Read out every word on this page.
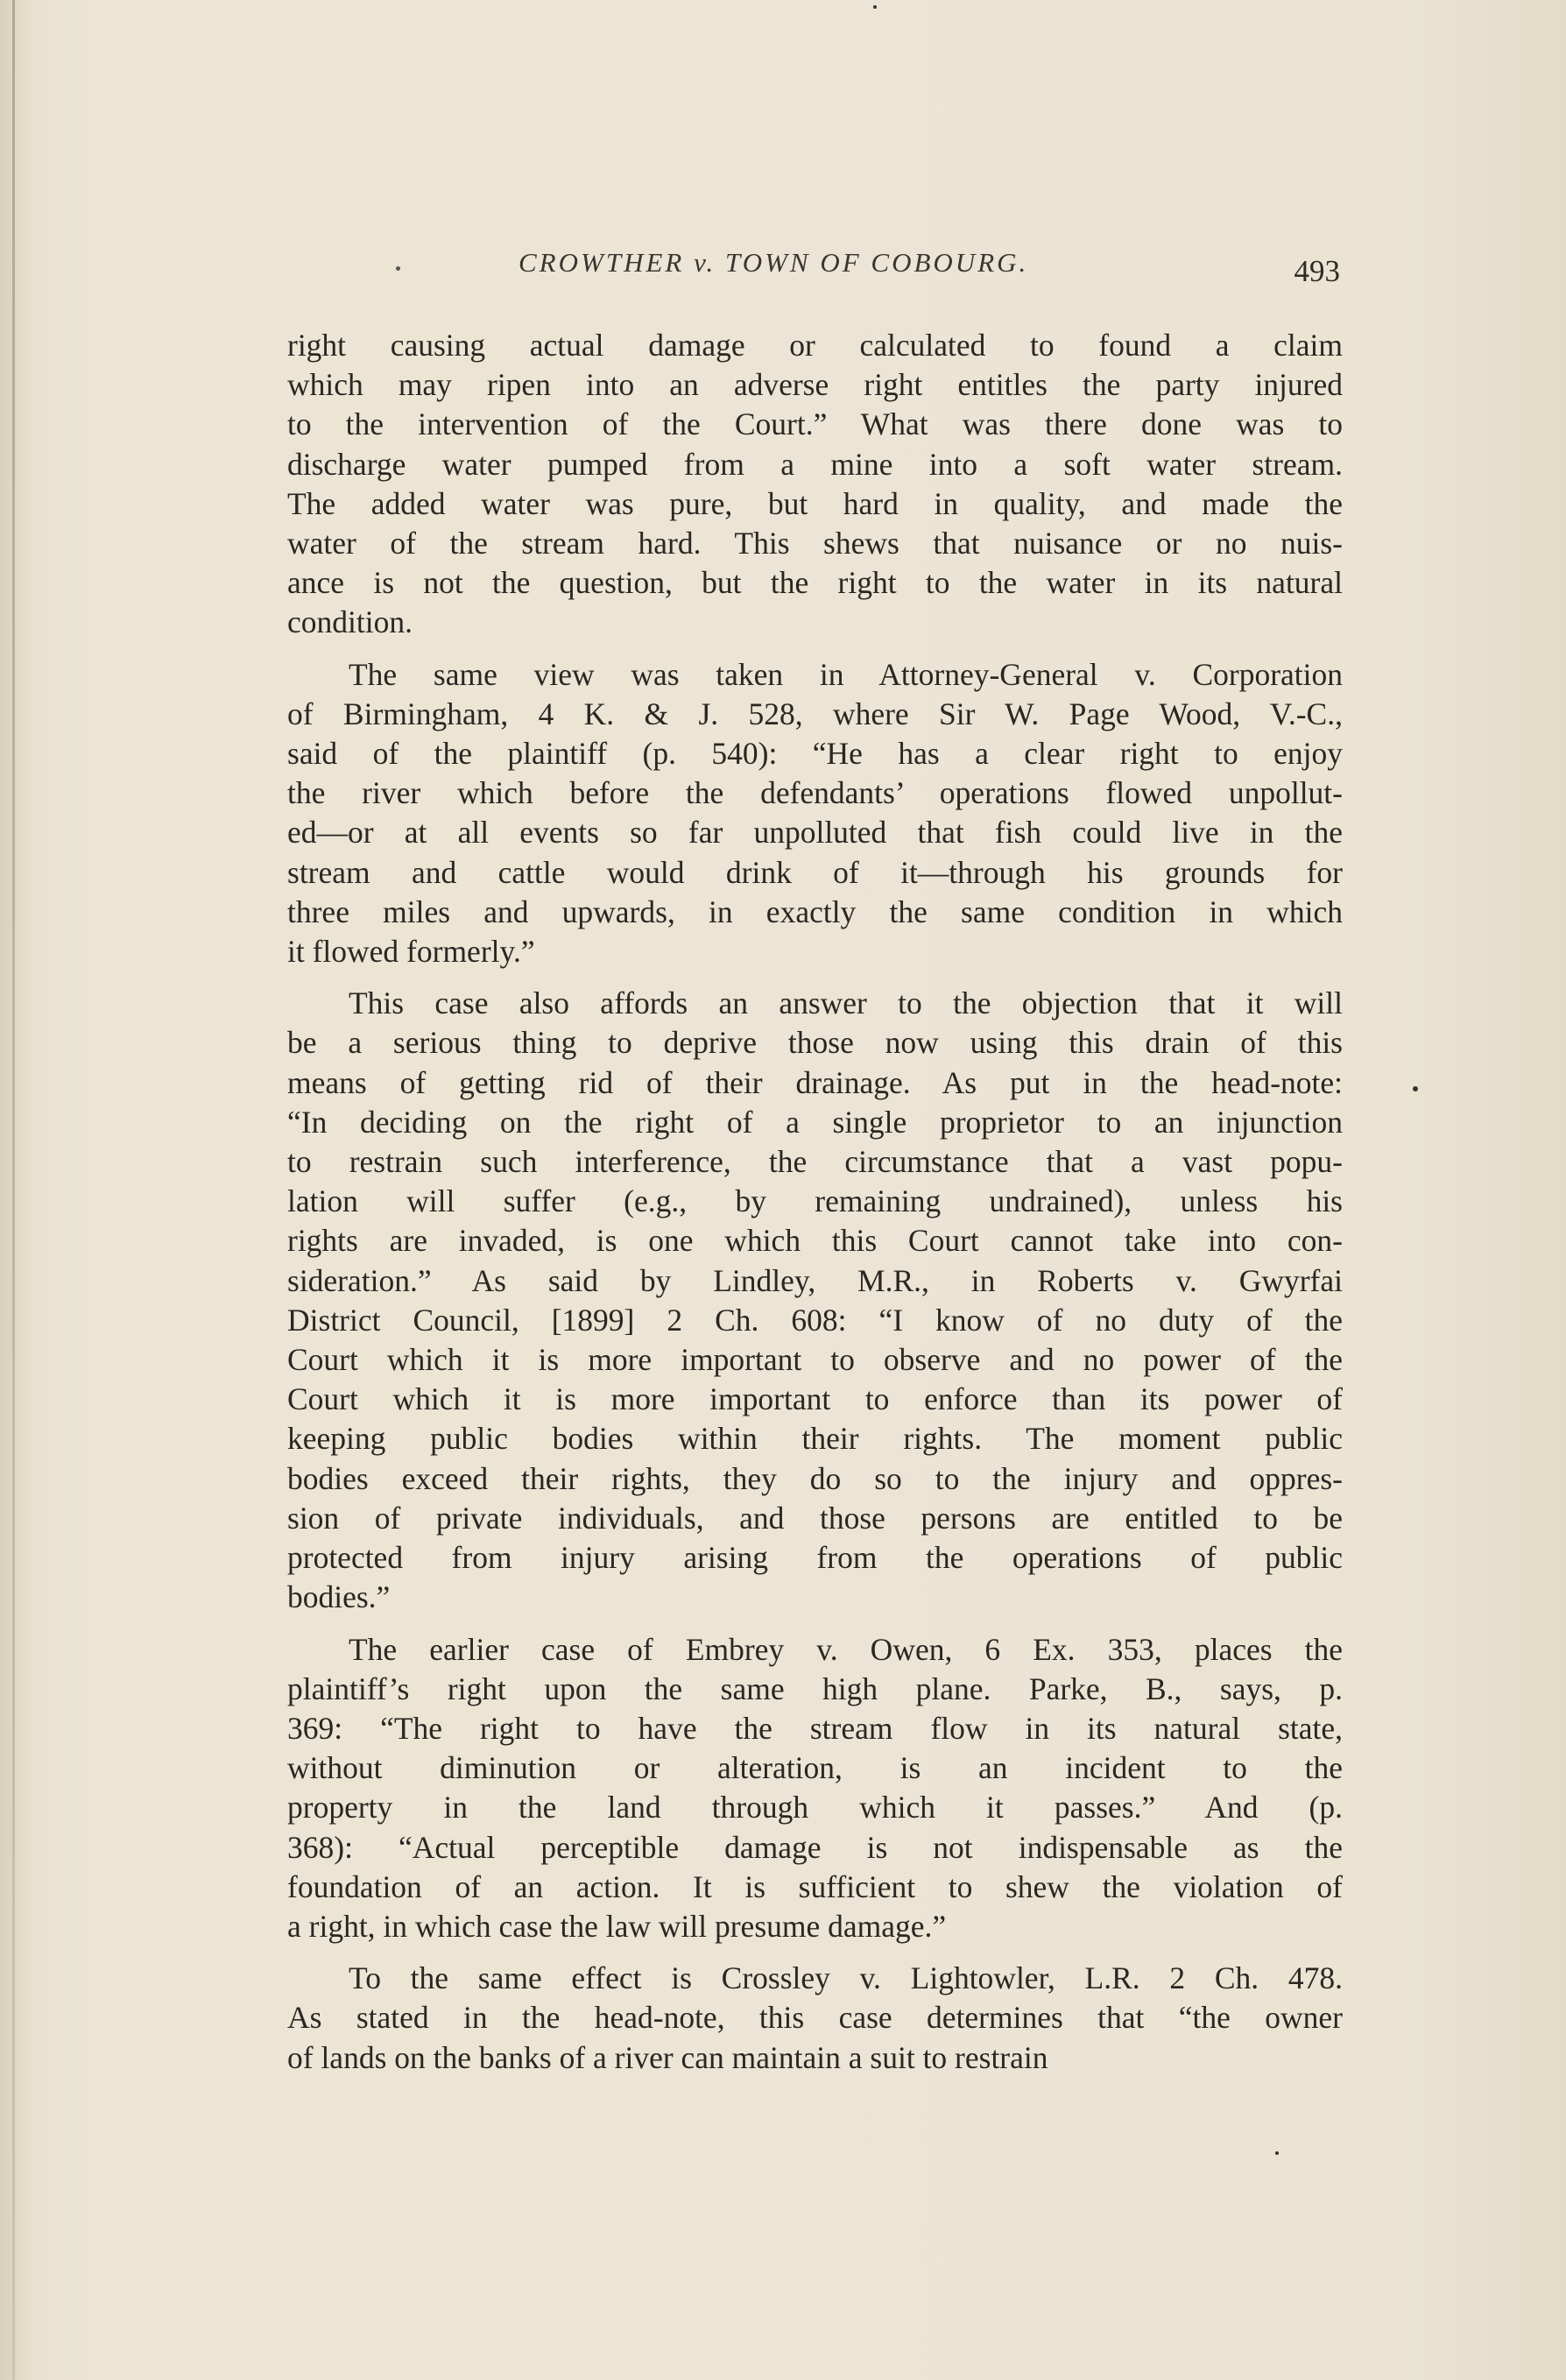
CROWTHER v. TOWN OF COBOURG.	493

right causing actual damage or calculated to found a claim
which may ripen into an adverse right entitles the party injured
to the intervention of the Court.” What was there done was to
discharge water pumped from a mine into a soft water stream.
The added water was pure, but hard in quality, and made the
water of the stream hard. This shews that nuisance or no nuis-
ance is not the question, but the right to the water in its natural
condition.

The same view was taken in Attorney-General v. Corporation
of Birmingham, 4 K. & J. 528, where Sir W. Page Wood, V.-C.,
said of the plaintiff (p. 540): “He has a clear right to enjoy
the river which before the defendants’ operations flowed unpollut-
ed—or at all events so far unpolluted that fish could live in the
stream and cattle would drink of it—through his grounds for
three miles and upwards, in exactly the same condition in which
it flowed formerly.”

This case also affords an answer to the objection that it will
be a serious thing to deprive those now using this drain of this
means of getting rid of their drainage. As put in the head-note:
“In deciding on the right of a single proprietor to an injunction
to restrain such interference, the circumstance that a vast popu-
lation will suffer (e.g., by remaining undrained), unless his
rights are invaded, is one which this Court cannot take into con-
sideration.” As said by Lindley, M.R., in Roberts v. Gwyrfai
District Council, [1899] 2 Ch. 608: “I know of no duty of the
Court which it is more important to observe and no power of the
Court which it is more important to enforce than its power of
keeping public bodies within their rights. The moment public
bodies exceed their rights, they do so to the injury and oppres-
sion of private individuals, and those persons are entitled to be
protected from injury arising from the operations of public
bodies.”

The earlier case of Embrey v. Owen, 6 Ex. 353, places the
plaintiff’s right upon the same high plane. Parke, B., says, p.
369: “The right to have the stream flow in its natural state,
without diminution or alteration, is an incident to the
property in the land through which it passes.” And (p.
368): “Actual perceptible damage is not indispensable as the
foundation of an action. It is sufficient to shew the violation of
a right, in which case the law will presume damage.”

To the same effect is Crossley v. Lightowler, L.R. 2 Ch. 478.
As stated in the head-note, this case determines that “the owner
of lands on the banks of a river can maintain a suit to restrain
